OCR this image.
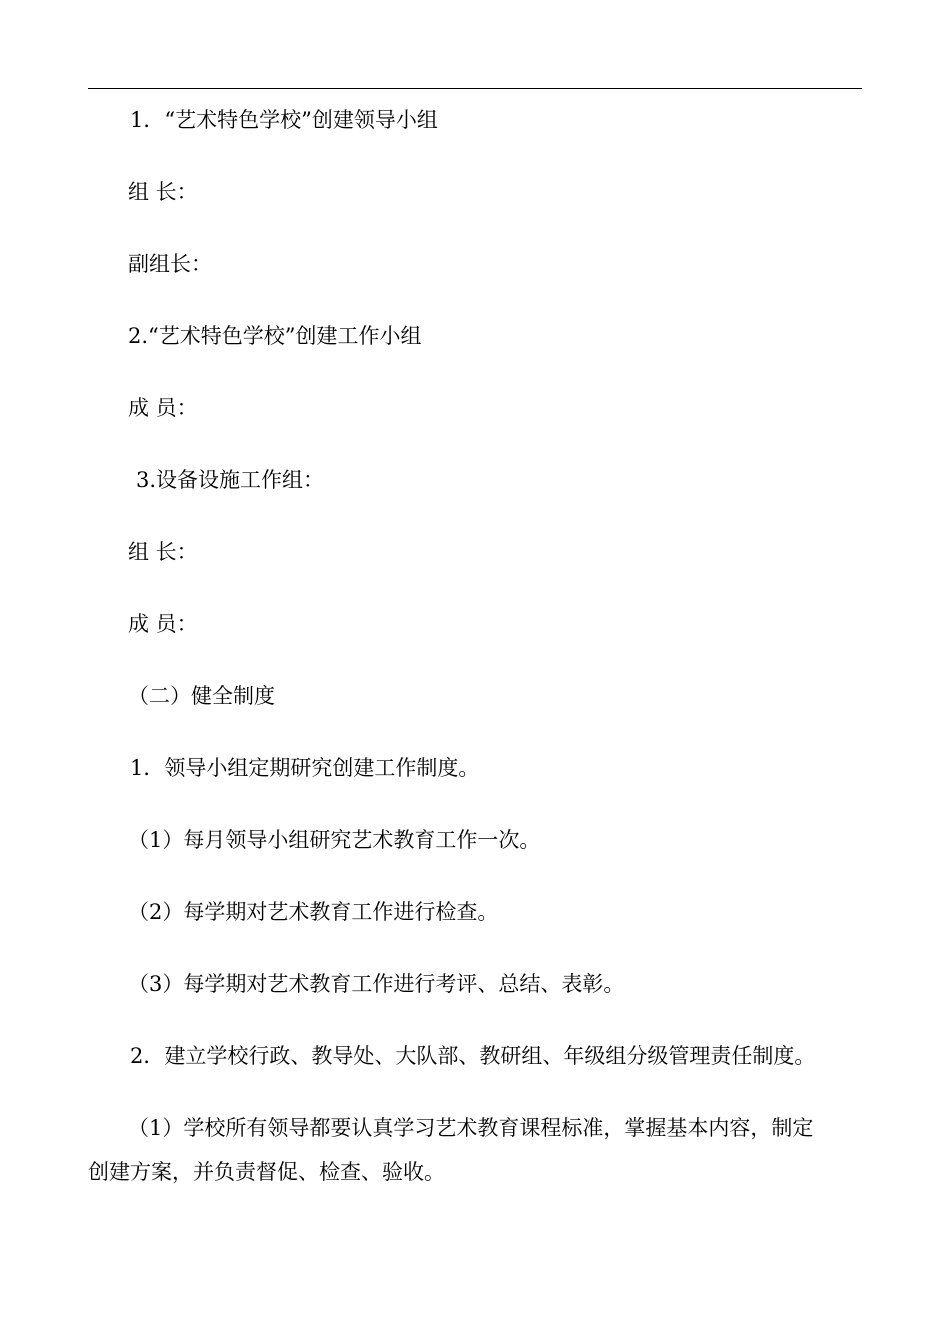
1．“艺术特色学校”创建领导小组
组 长：
副组长：
2.“艺术特色学校”创建工作小组
成 员：
3.设备设施工作组：
组 长：
成 员：
（二）健全制度
1．领导小组定期研究创建工作制度。
（1）每月领导小组研究艺术教育工作一次。
（2）每学期对艺术教育工作进行检查。
（3）每学期对艺术教育工作进行考评、总结、表彰。
2．建立学校行政、教导处、大队部、教研组、年级组分级管理责任制度。
（1）学校所有领导都要认真学习艺术教育课程标准，掌握基本内容，制定
创建方案，并负责督促、检查、验收。
